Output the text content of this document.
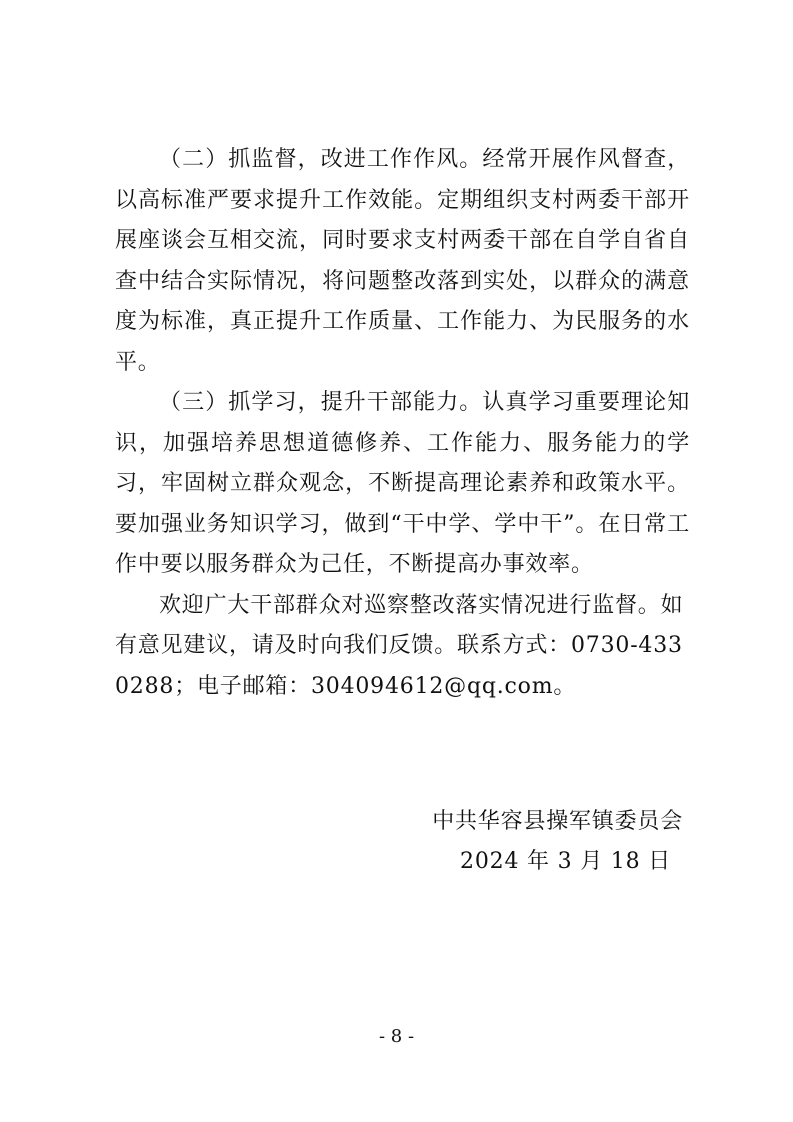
（二）抓监督，改进工作作风。经常开展作风督查，以高标准严要求提升工作效能。定期组织支村两委干部开展座谈会互相交流，同时要求支村两委干部在自学自省自查中结合实际情况，将问题整改落到实处，以群众的满意度为标准，真正提升工作质量、工作能力、为民服务的水平。

（三）抓学习，提升干部能力。认真学习重要理论知识，加强培养思想道德修养、工作能力、服务能力的学习，牢固树立群众观念，不断提高理论素养和政策水平。要加强业务知识学习，做到“干中学、学中干”。在日常工作中要以服务群众为己任，不断提高办事效率。

欢迎广大干部群众对巡察整改落实情况进行监督。如有意见建议，请及时向我们反馈。联系方式：0730-4330288；电子邮箱：304094612@qq.com。

中共华容县操军镇委员会
2024 年 3 月 18 日
- 8 -
